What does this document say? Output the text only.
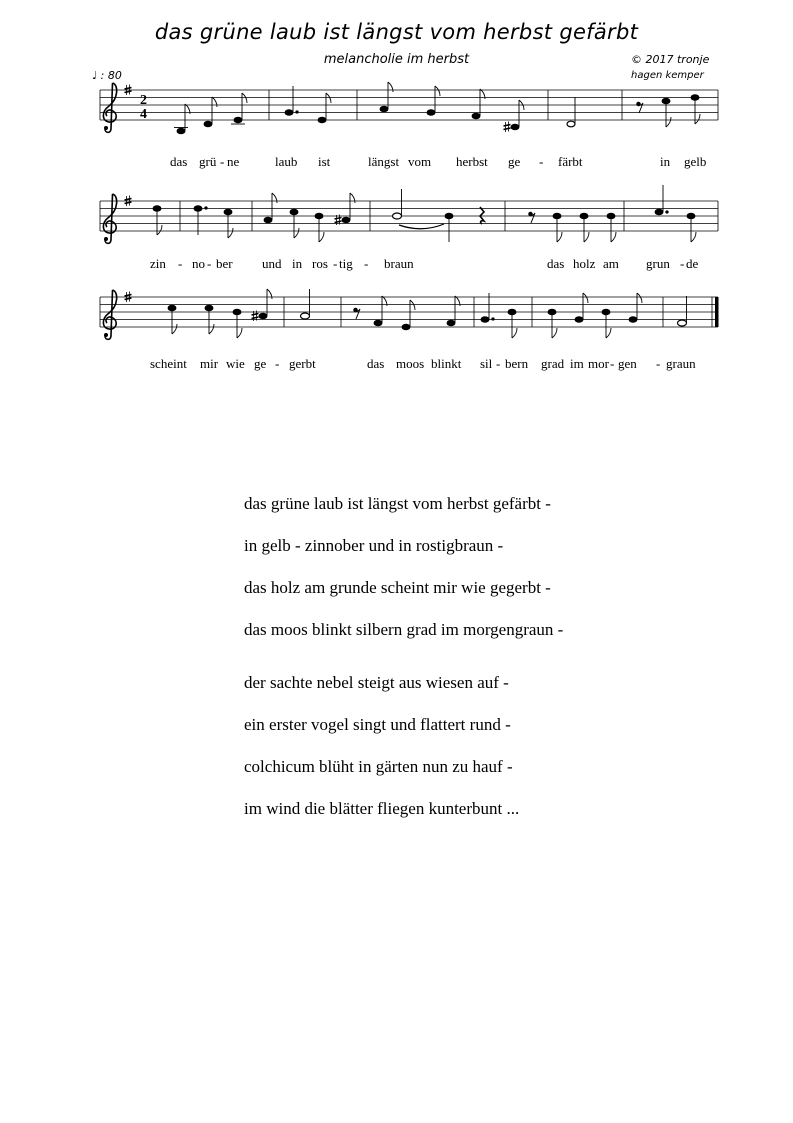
das grüne laub ist längst vom herbst gefärbt
melancholie im herbst	© 2017 tronje
hagen kemper
♩ : 80
2
4
das grü - ne	laub ist	längst vom herbst ge - färbt	in gelb
zin - no - ber und in ros - tig - braun	das holz am grun - de
scheint mir wie ge - gerbt	das moos blinkt sil - bern grad im mor - gen - graun
das grüne laub ist längst vom herbst gefärbt -
in gelb - zinnober und in rostigbraun -
das holz am grunde scheint mir wie gegerbt -
das moos blinkt silbern grad im morgengraun -
der sachte nebel steigt aus wiesen auf -
ein erster vogel singt und flattert rund -
colchicum blüht in gärten nun zu hauf -
im wind die blätter fliegen kunterbunt ...
